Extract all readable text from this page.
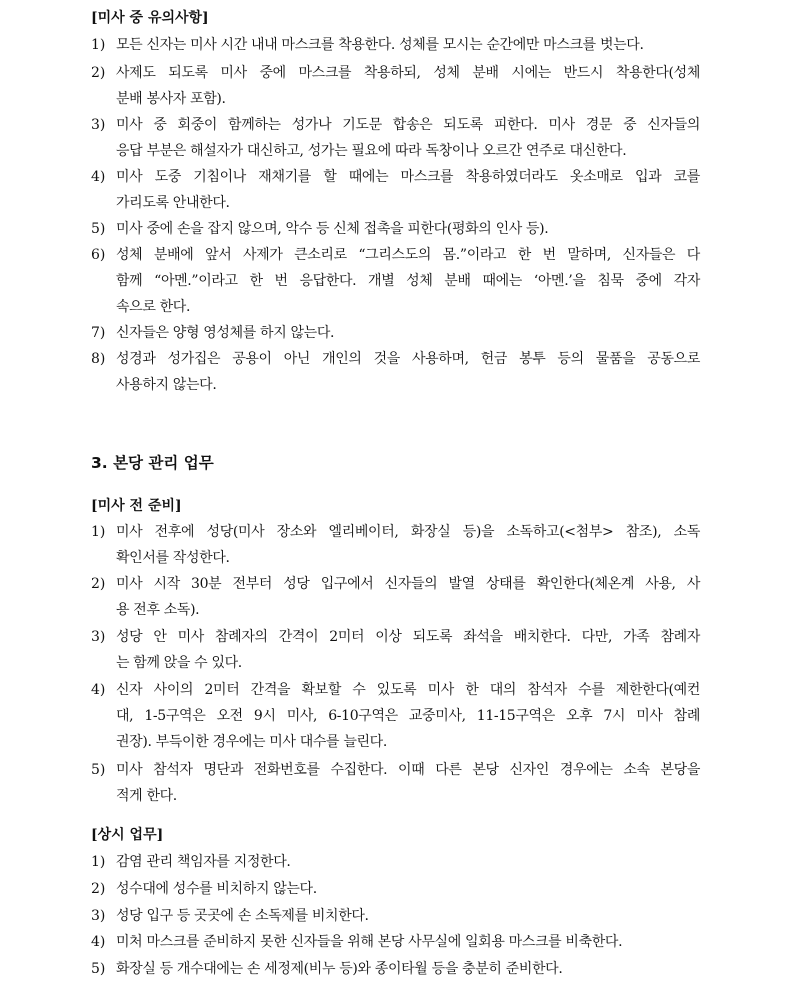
[미사 중 유의사항]
1) 모든 신자는 미사 시간 내내 마스크를 착용한다. 성체를 모시는 순간에만 마스크를 벗는다.
2) 사제도 되도록 미사 중에 마스크를 착용하되, 성체 분배 시에는 반드시 착용한다(성체
분배 봉사자 포함).
3) 미사 중 회중이 함께하는 성가나 기도문 합송은 되도록 피한다. 미사 경문 중 신자들의
응답 부분은 해설자가 대신하고, 성가는 필요에 따라 독창이나 오르간 연주로 대신한다.
4) 미사 도중 기침이나 재채기를 할 때에는 마스크를 착용하였더라도 옷소매로 입과 코를
가리도록 안내한다.
5) 미사 중에 손을 잡지 않으며, 악수 등 신체 접촉을 피한다(평화의 인사 등).
6) 성체 분배에 앞서 사제가 큰소리로 “그리스도의 몸.”이라고 한 번 말하며, 신자들은 다
함께 “아멘.”이라고 한 번 응답한다. 개별 성체 분배 때에는 ‘아멘.’을 침묵 중에 각자
속으로 한다.
7) 신자들은 양형 영성체를 하지 않는다.
8) 성경과 성가집은 공용이 아닌 개인의 것을 사용하며, 헌금 봉투 등의 물품을 공동으로
사용하지 않는다.
3. 본당 관리 업무
[미사 전 준비]
1) 미사 전후에 성당(미사 장소와 엘리베이터, 화장실 등)을 소독하고(<첨부> 참조), 소독
확인서를 작성한다.
2) 미사 시작 30분 전부터 성당 입구에서 신자들의 발열 상태를 확인한다(체온계 사용, 사
용 전후 소독).
3) 성당 안 미사 참례자의 간격이 2미터 이상 되도록 좌석을 배치한다. 다만, 가족 참례자
는 함께 앉을 수 있다.
4) 신자 사이의 2미터 간격을 확보할 수 있도록 미사 한 대의 참석자 수를 제한한다(예컨
대, 1-5구역은 오전 9시 미사, 6-10구역은 교중미사, 11-15구역은 오후 7시 미사 참례
권장). 부득이한 경우에는 미사 대수를 늘린다.
5) 미사 참석자 명단과 전화번호를 수집한다. 이때 다른 본당 신자인 경우에는 소속 본당을
적게 한다.
[상시 업무]
1) 감염 관리 책임자를 지정한다.
2) 성수대에 성수를 비치하지 않는다.
3) 성당 입구 등 곳곳에 손 소독제를 비치한다.
4) 미처 마스크를 준비하지 못한 신자들을 위해 본당 사무실에 일회용 마스크를 비축한다.
5) 화장실 등 개수대에는 손 세정제(비누 등)와 종이타월 등을 충분히 준비한다.
